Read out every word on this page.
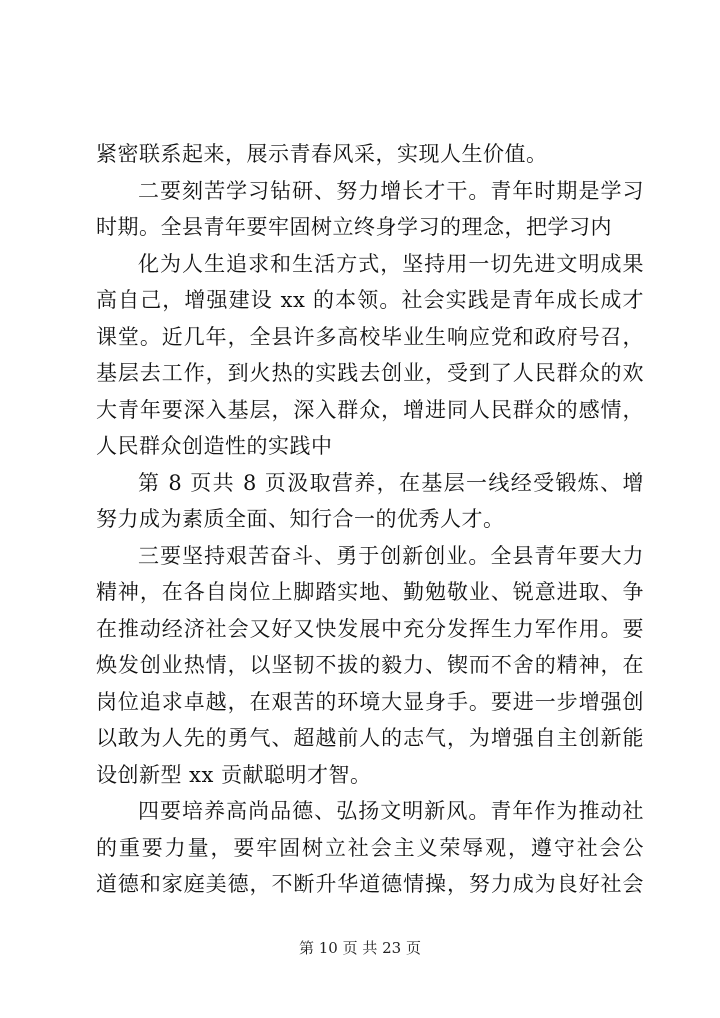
紧密联系起来，展示青春风采，实现人生价值。
二要刻苦学习钻研、努力增长才干。青年时期是学习
时期。全县青年要牢固树立终身学习的理念，把学习内
化为人生追求和生活方式，坚持用一切先进文明成果
高自己，增强建设 xx 的本领。社会实践是青年成长成才
课堂。近几年，全县许多高校毕业生响应党和政府号召，
基层去工作，到火热的实践去创业，受到了人民群众的欢
大青年要深入基层，深入群众，增进同人民群众的感情，
人民群众创造性的实践中
第 8 页共 8 页汲取营养，在基层一线经受锻炼、增
努力成为素质全面、知行合一的优秀人才。
三要坚持艰苦奋斗、勇于创新创业。全县青年要大力
精神，在各自岗位上脚踏实地、勤勉敬业、锐意进取、争
在推动经济社会又好又快发展中充分发挥生力军作用。要
焕发创业热情，以坚韧不拔的毅力、锲而不舍的精神，在
岗位追求卓越，在艰苦的环境大显身手。要进一步增强创
以敢为人先的勇气、超越前人的志气，为增强自主创新能
设创新型 xx 贡献聪明才智。
四要培养高尚品德、弘扬文明新风。青年作为推动社
的重要力量，要牢固树立社会主义荣辱观，遵守社会公
道德和家庭美德，不断升华道德情操，努力成为良好社会
第 10 页 共 23 页
